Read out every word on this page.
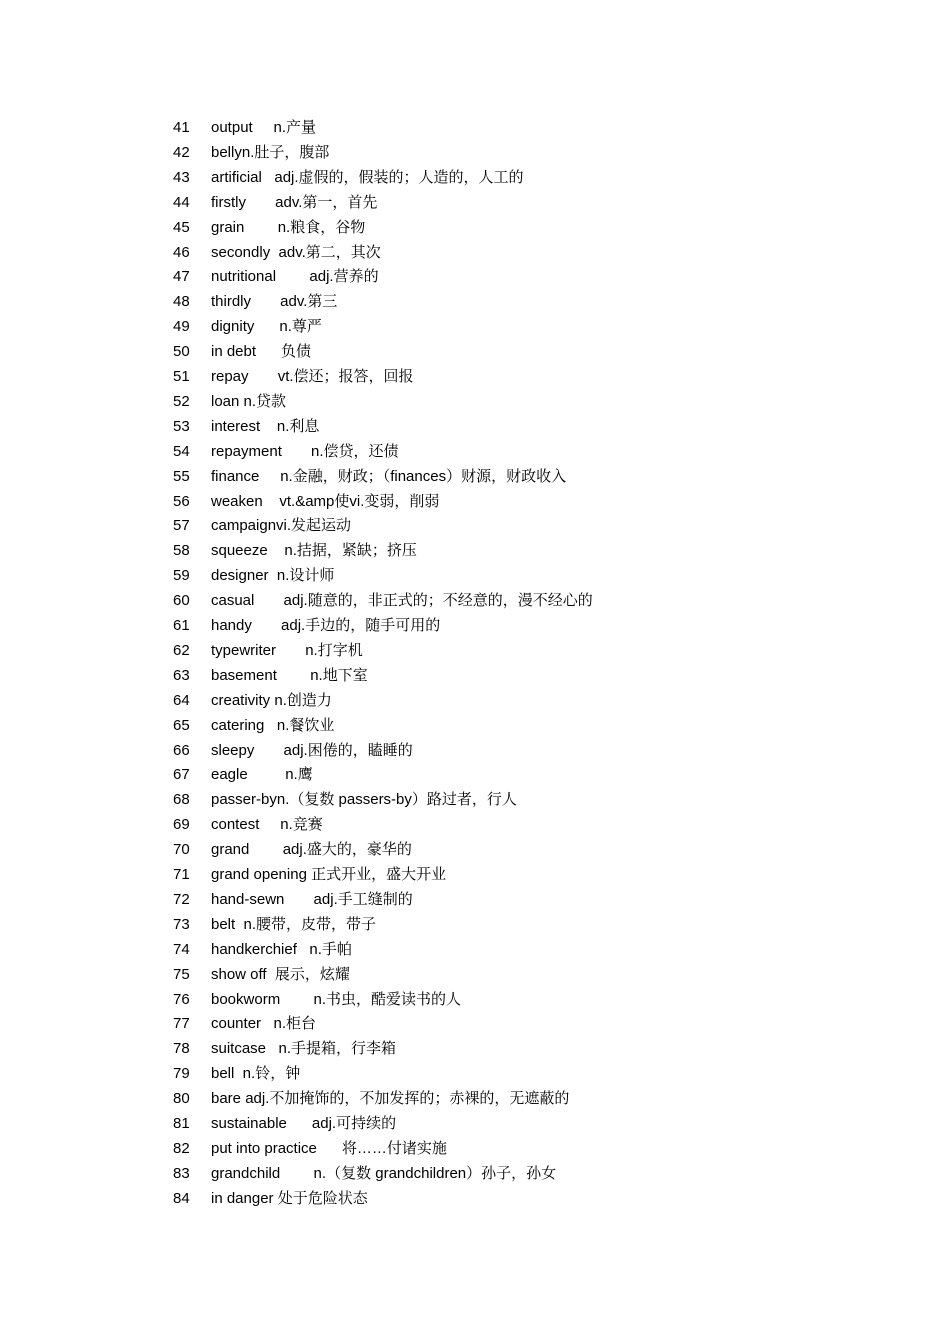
41 output     n.产量
42 bellyn.肚子，腹部
43 artificial   adj.虚假的，假装的；人造的，人工的
44 firstly       adv.第一，首先
45 grain        n.粮食，谷物
46 secondly  adv.第二，其次
47 nutritional        adj.营养的
48 thirdly       adv.第三
49 dignity      n.尊严
50 in debt      负债
51 repay       vt.偿还；报答，回报
52 loan n.贷款
53 interest    n.利息
54 repayment       n.偿贷，还债
55 finance     n.金融，财政；（finances）财源，财政收入
56 weaken    vt.&amp使vi.变弱，削弱
57 campaignvi.发起运动
58 squeeze    n.拮据，紧缺；挤压
59 designer  n.设计师
60 casual       adj.随意的，非正式的；不经意的，漫不经心的
61 handy       adj.手边的，随手可用的
62 typewriter       n.打字机
63 basement        n.地下室
64 creativity n.创造力
65 catering   n.餐饮业
66 sleepy       adj.困倦的，瞌睡的
67 eagle         n.鹰
68 passer-byn.（复数 passers-by）路过者，行人
69 contest     n.竞赛
70 grand        adj.盛大的，豪华的
71 grand opening 正式开业，盛大开业
72 hand-sewn       adj.手工缝制的
73 belt  n.腰带，皮带，带子
74 handkerchief   n.手帕
75 show off  展示，炫耀
76 bookworm        n.书虫，酷爱读书的人
77 counter   n.柜台
78 suitcase   n.手提箱，行李箱
79 bell  n.铃，钟
80 bare adj.不加掩饰的，不加发挥的；赤裸的，无遮蔽的
81 sustainable      adj.可持续的
82 put into practice      将……付诸实施
83 grandchild        n.（复数 grandchildren）孙子，孙女
84 in danger 处于危险状态
